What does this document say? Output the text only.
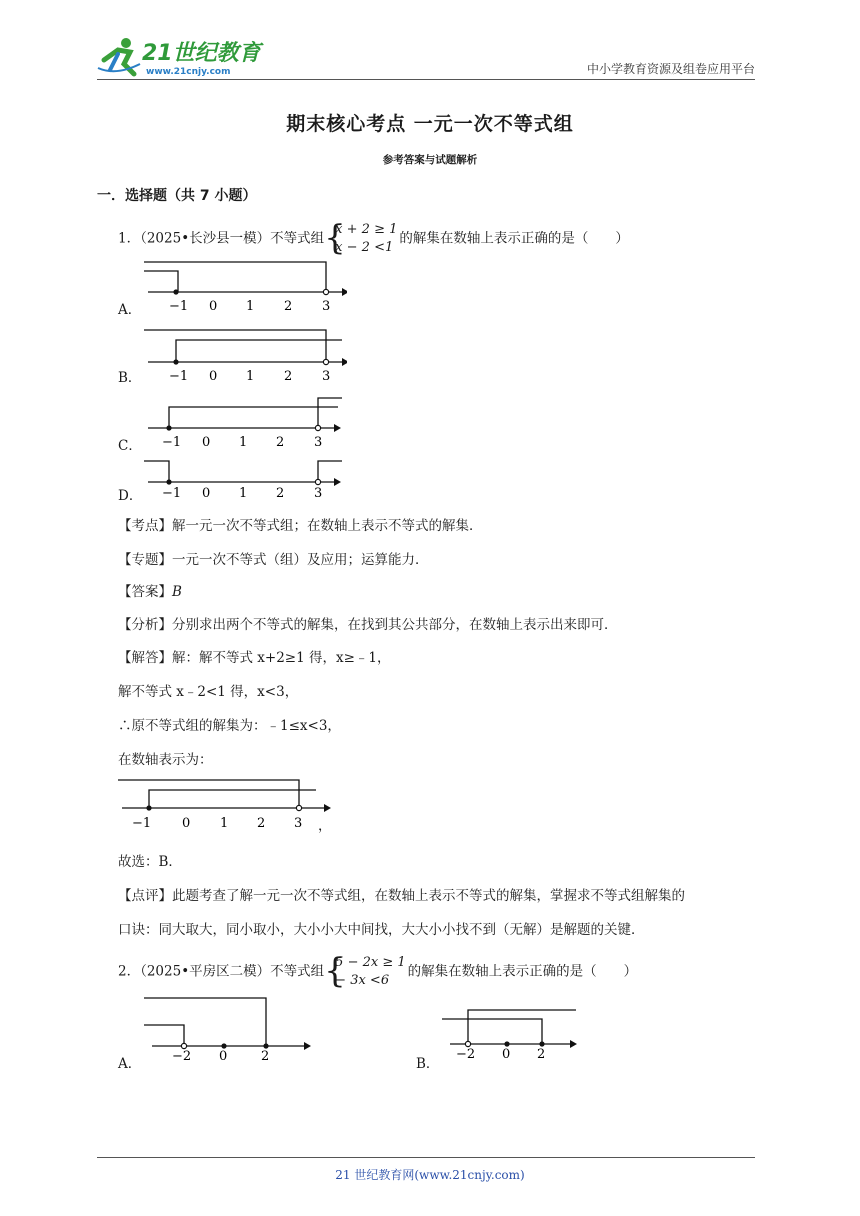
21世纪教育
www.21cnjy.com	中小学教育资源及组卷应用平台
期末核心考点 一元一次不等式组
参考答案与试题解析
一．选择题（共 7 小题）
1．（2025•长沙县一模）不等式组 {
x + 2 ≥ 1
x − 2 <1的解集在数轴上表示正确的是（　　）
A． −1 0 1 2 3
B． −1 0 1 2 3
C． −1 0 1 2 3
D． −1 0 1 2 3
【考点】解一元一次不等式组；在数轴上表示不等式的解集．
【专题】一元一次不等式（组）及应用；运算能力．
【答案】B
【分析】分别求出两个不等式的解集，在找到其公共部分，在数轴上表示出来即可．
【解答】解：解不等式 x+2≥1 得，x≥﹣1，
解不等式 x﹣2<1 得，x<3，
∴原不等式组的解集为：﹣1≤x<3，
在数轴表示为：
−1 0 1 2 3 ，
故选：B．
【点评】此题考查了解一元一次不等式组，在数轴上表示不等式的解集，掌握求不等式组解集的
口诀：同大取大，同小取小，大小小大中间找，大大小小找不到（无解）是解题的关键．
2．（2025•平房区二模）不等式组 {
5 − 2x ≥ 1
− 3x <6的解集在数轴上表示正确的是（　　）
A． −2 0	2	B．
−2 0 2
21 世纪教育网(www.21cnjy.com)
